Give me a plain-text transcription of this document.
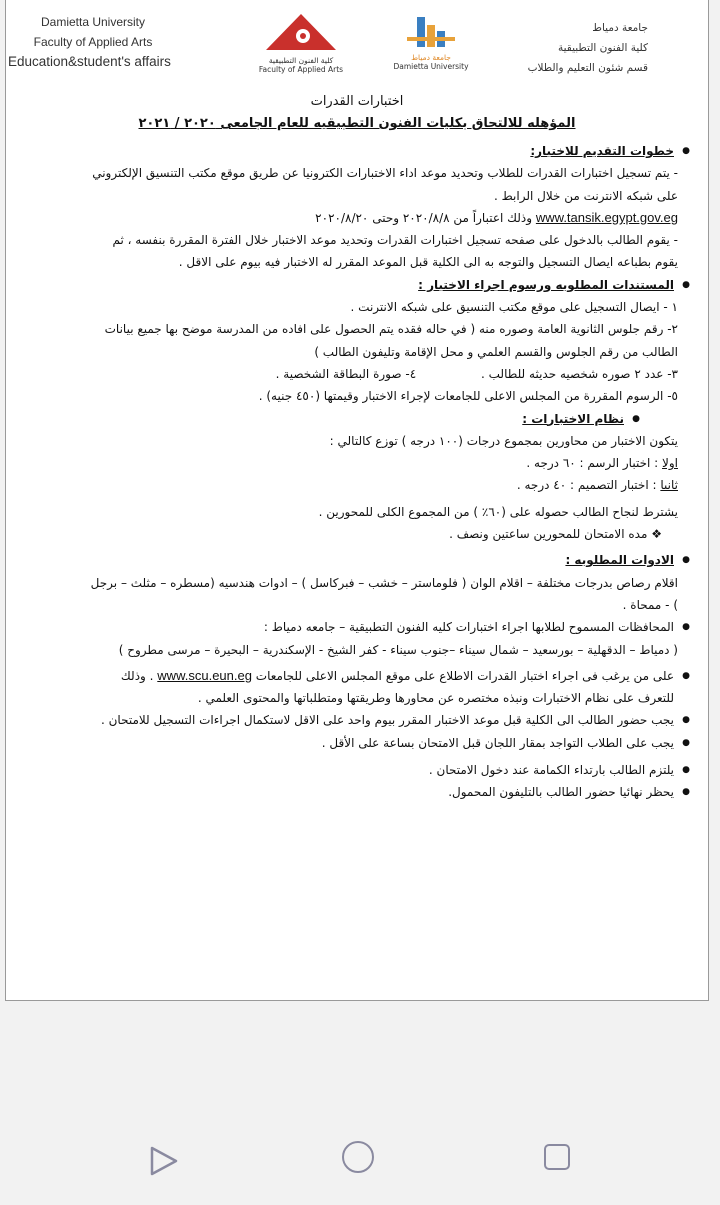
Damietta University
Faculty of Applied Arts
Education&student's affairs	كلية الفنون التطبيقية
Faculty of Applied Arts
جامعة دمياط
Damietta University
جامعة دمياط
كلية الفنون التطبيقية
قسم شئون التعليم والطلاب
اختبارات القدرات
المؤهله للالتحاق بكليات الفنون التطبيقيه للعام الجامعى ٢٠٢٠ / ٢٠٢١

● خطوات التقديم للاختبار:

- يتم تسجيل اختبارات القدرات للطلاب وتحديد موعد اداء الاختبارات الكترونيا عن طريق موقع مكتب التنسيق الإلكتروني على شبكه الانترنت من خلال الرابط .

www.tansik.egypt.gov.eg وذلك اعتباراً من ٢٠٢٠/٨/٨ وحتى ٢٠٢٠/٨/٢٠

- يقوم الطالب بالدخول على صفحه تسجيل اختبارات القدرات وتحديد موعد الاختبار خلال الفترة المقررة بنفسه ، ثم يقوم بطباعه ايصال التسجيل والتوجه به الى الكلية قبل الموعد المقرر له الاختبار فيه بيوم على الاقل .

● المستندات المطلوبه ورسوم اجراء الاختبار :

١ - ايصال التسجيل على موقع مكتب التنسيق على شبكه الانترنت .

٢- رقم جلوس الثانوية العامة وصوره منه ( في حاله فقده يتم الحصول على افاده من المدرسة موضح بها جميع بيانات الطالب من رقم الجلوس والقسم العلمي و محل الإقامة وتليفون الطالب )

٣- عدد ٢ صوره شخصيه حديثه للطالب .                 ٤- صورة البطاقة الشخصية .

٥- الرسوم المقررة من المجلس الاعلى للجامعات لإجراء الاختبار وقيمتها (٤٥٠ جنيه) .

● نظام الاختبارات :

يتكون الاختبار من محاورين بمجموع درجات (١٠٠ درجه ) توزع كالتالي :

اولا : اختبار الرسم : ٦٠ درجه .

ثانيا : اختبار التصميم : ٤٠ درجه .

يشترط لنجاح الطالب حصوله على (٦٠٪ ) من المجموع الكلى للمحورين .

❖ مده الامتحان للمحورين ساعتين ونصف .

● الادوات المطلوبه :

اقلام رصاص بدرجات مختلفة – اقلام الوان ( فلوماستر – خشب – فبركاسل ) – ادوات هندسيه (مسطره – مثلث – برجل ) - ممحاة .

● المحافظات المسموح لطلابها اجراء اختبارات كليه الفنون التطبيقية – جامعه دمياط :

( دمياط – الدقهلية – بورسعيد – شمال سيناء –جنوب سيناء - كفر الشيخ - الإسكندرية – البحيرة – مرسى مطروح )

● على من يرغب فى اجراء اختبار القدرات الاطلاع على موقع المجلس الاعلى للجامعات www.scu.eun.eg . وذلك للتعرف على نظام الاختبارات ونبذه مختصره عن محاورها وطريقتها ومتطلباتها والمحتوى العلمي .

● يجب حضور الطالب الى الكلية قبل موعد الاختبار المقرر بيوم واحد على الاقل لاستكمال اجراءات التسجيل للامتحان .

● يجب على الطلاب التواجد بمقار اللجان قبل الامتحان بساعة على الأقل .

● يلتزم الطالب بارتداء الكمامة عند دخول الامتحان .

● يحظر نهائيا حضور الطالب بالتليفون المحمول.
